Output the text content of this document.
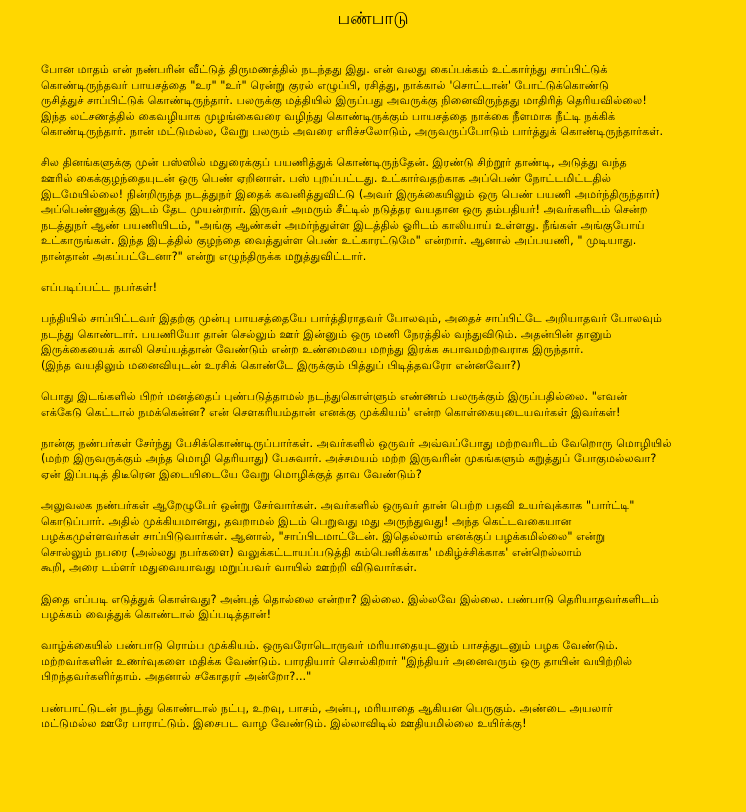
பண்பாடு

போன மாதம் என் நண்பரின் வீட்டுத் திருமணத்தில் நடந்தது இது. என் வலது கைப்பக்கம் உட்கார்ந்து சாப்பிட்டுக்
கொண்டிருந்தவர் பாயசத்தை "உர" "உர்" ரென்று குரல் எழுப்பி, ரசித்து, நாக்கால் 'சொட்டான்' போட்டுக்கொண்டு
ருசித்துச் சாப்பிட்டுக் கொண்டிருந்தார். பலருக்கு மத்தியில் இருப்பது அவருக்கு நினைவிருந்தது மாதிரித் தெரியவில்லை!
இந்த லட்சணத்தில் கைவழியாக முழங்கைவரை வழிந்து கொண்டிருக்கும் பாயசத்தை நாக்கை நீளமாக நீட்டி நக்கிக்
கொண்டிருந்தார். நான் மட்டுமல்ல, வேறு பலரும் அவரை எரிச்சலோடும், அருவருப்போடும் பார்த்துக் கொண்டிருந்தார்கள்.

சில தினங்களுக்கு முன் பஸ்ஸில் மதுரைக்குப் பயணித்துக் கொண்டிருந்தேன். இரண்டு சிற்றூர் தாண்டி, அடுத்து வந்த
ஊரில் கைக்குழந்தையுடன் ஒரு பெண் ஏறினாள். பஸ் புறப்பட்டது. உட்கார்வதற்காக அப்பெண் நோட்டமிட்டதில்
இடமேயில்லை! நின்றிருந்த நடத்துநர் இதைக் கவனித்துவிட்டு (அவர் இருக்கையிலும் ஒரு பெண் பயணி அமர்ந்திருந்தார்)
அப்பெண்ணுக்கு இடம் தேட முயன்றார். இருவர் அமரும் சீட்டில் நடுத்தர வயதான ஒரு தம்பதியர்! அவர்களிடம் சென்ற
நடத்துநர் ஆண் பயணியிடம், "அங்கு ஆண்கள் அமர்ந்துள்ள இடத்தில் ஓரிடம் காலியாய் உள்ளது. நீங்கள் அங்குபோய்
உட்காருங்கள். இந்த இடத்தில் குழந்தை வைத்துள்ள பெண் உட்காரட்டுமே" என்றார். ஆனால் அப்பயணி, " முடியாது.
நான்தான் அகப்பட்டேனா?" என்று எழுந்திருக்க மறுத்துவிட்டார்.

எப்படிப்பட்ட நபர்கள்!

பந்தியில் சாப்பிட்டவர் இதற்கு முன்பு பாயசத்தையே பார்த்திராதவர் போலவும், அதைச் சாப்பிட்டே அறியாதவர் போலவும்
நடந்து கொண்டார். பயணியோ தான் செல்லும் ஊர் இன்னும் ஒரு மணி நேரத்தில் வந்துவிடும். அதன்பின் தானும்
இருக்கையைக் காலி செய்யத்தான் வேண்டும் என்ற உண்மையை மறந்து இரக்க சுபாவமற்றவராக இருந்தார்.
(இந்த வயதிலும் மனைவியுடன் உரசிக் கொண்டே இருக்கும் பித்துப் பிடித்தவரோ என்னவோ?)

பொது இடங்களில் பிறர் மனத்தைப் புண்படுத்தாமல் நடந்துகொள்ளும் எண்ணம் பலருக்கும் இருப்பதில்லை. "எவன்
எக்கேடு கெட்டால் நமக்கென்ன? என் சௌகரியம்தான் எனக்கு முக்கியம்' என்ற கொள்கையுடையவர்கள் இவர்கள்!

நான்கு நண்பர்கள் சேர்ந்து பேசிக்கொண்டிருப்பார்கள். அவர்களில் ஒருவர் அவ்வப்போது மற்றவரிடம் வேறொரு மொழியில்
(மற்ற இருவருக்கும் அந்த மொழி தெரியாது) பேசுவார். அச்சமயம் மற்ற இருவரின் முகங்களும் கறுத்துப் போகுமல்லவா?
ஏன் இப்படித் திடீரென இடையிடையே வேறு மொழிக்குத் தாவ வேண்டும்?

அலுவலக நண்பர்கள் ஆறேழுபேர் ஒன்று சேர்வார்கள். அவர்களில் ஒருவர் தான் பெற்ற பதவி உயர்வுக்காக "பார்ட்டி"
கொடுப்பார். அதில் முக்கியமானது, தவறாமல் இடம் பெறுவது மது அருந்துவது! அந்த கெட்டவகையான
பழக்கமுள்ளவர்கள் சாப்பிடுவார்கள். ஆனால், "சாப்பிடமாட்டேன். இதெல்லாம் எனக்குப் பழக்கமில்லை" என்று
சொல்லும் நபரை (அல்லது நபர்களை) வலுக்கட்டாயப்படுத்தி கம்பெனிக்காக' மகிழ்ச்சிக்காக' என்றெல்லாம்
கூறி, அரை டம்ளர் மதுவையாவது மறுப்பவர் வாயில் ஊற்றி விடுவார்கள்.

இதை எப்படி எடுத்துக் கொள்வது? அன்புத் தொல்லை என்றா? இல்லை. இல்லவே இல்லை. பண்பாடு தெரியாதவர்களிடம்
பழக்கம் வைத்துக் கொண்டால் இப்படித்தான்!

வாழ்க்கையில் பண்பாடு ரொம்ப முக்கியம். ஒருவரோடொருவர் மரியாதையுடனும் பாசத்துடனும் பழக வேண்டும்.
மற்றவர்களின் உணர்வுகளை மதிக்க வேண்டும். பாரதியார் சொல்கிறார் "இந்தியர் அனைவரும் ஒரு தாயின் வயிற்றில்
பிறந்தவர்களிர்தாம். அதனால் சகோதரர் அன்றோ?..."

பண்பாட்டுடன் நடந்து கொண்டால் நட்பு, உறவு, பாசம், அன்பு, மரியாதை ஆகியன பெருகும். அண்டை அயலார்
மட்டுமல்ல ஊரே பாராட்டும். இசைபட வாழ வேண்டும். இல்லாவிடில் ஊதியமில்லை உயிர்க்கு!
